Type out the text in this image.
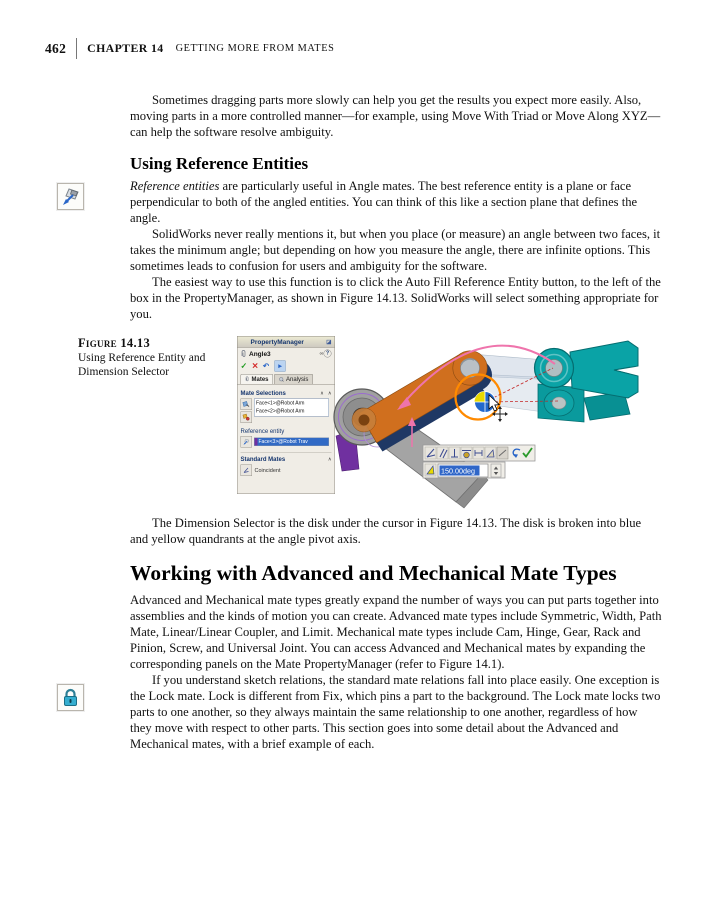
462 CHAPTER 14 GETTING MORE FROM MATES
Figure 14.13
Using Reference Entity and Dimension Selector

Sometimes dragging parts more slowly can help you get the results you expect more easily. Also, moving parts in a more controlled manner—for example, using Move With Triad or Move Along XYZ—can help the software resolve ambiguity.

Using Reference Entities

Reference entities are particularly useful in Angle mates. The best reference entity is a plane or face perpendicular to both of the angled entities. You can think of this like a section plane that defines the angle.

SolidWorks never really mentions it, but when you place (or measure) an angle between two faces, it takes the minimum angle; but depending on how you measure the angle, there are infinite options. This sometimes leads to confusion for users and ambiguity for the software.

The easiest way to use this function is to click the Auto Fill Reference Entity button, to the left of the box in the PropertyManager, as shown in Figure 14.13. SolidWorks will select something appropriate for you.

PropertyManager	◪
Angle3	∞ ?
✓ ✕ ↶ ▶
Mates Analysis
Mate Selections	∧ ∧
Face<1>@Robot Arm
Face<2>@Robot Arm
Reference entity
Face<3>@Robot Trav
Standard Mates	∧
Coincident	150.00deg

The Dimension Selector is the disk under the cursor in Figure 14.13. The disk is broken into blue and yellow quandrants at the angle pivot axis.

Working with Advanced and Mechanical Mate Types

Advanced and Mechanical mate types greatly expand the number of ways you can put parts together into assemblies and the kinds of motion you can create. Advanced mate types include Symmetric, Width, Path Mate, Linear/Linear Coupler, and Limit. Mechanical mate types include Cam, Hinge, Gear, Rack and Pinion, Screw, and Universal Joint. You can access Advanced and Mechanical mates by expanding the corresponding panels on the Mate PropertyManager (refer to Figure 14.1).

If you understand sketch relations, the standard mate relations fall into place easily. One exception is the Lock mate. Lock is different from Fix, which pins a part to the background. The Lock mate locks two parts to one another, so they always maintain the same relationship to one another, regardless of how they move with respect to other parts. This section goes into some detail about the Advanced and Mechanical mates, with a brief example of each.
